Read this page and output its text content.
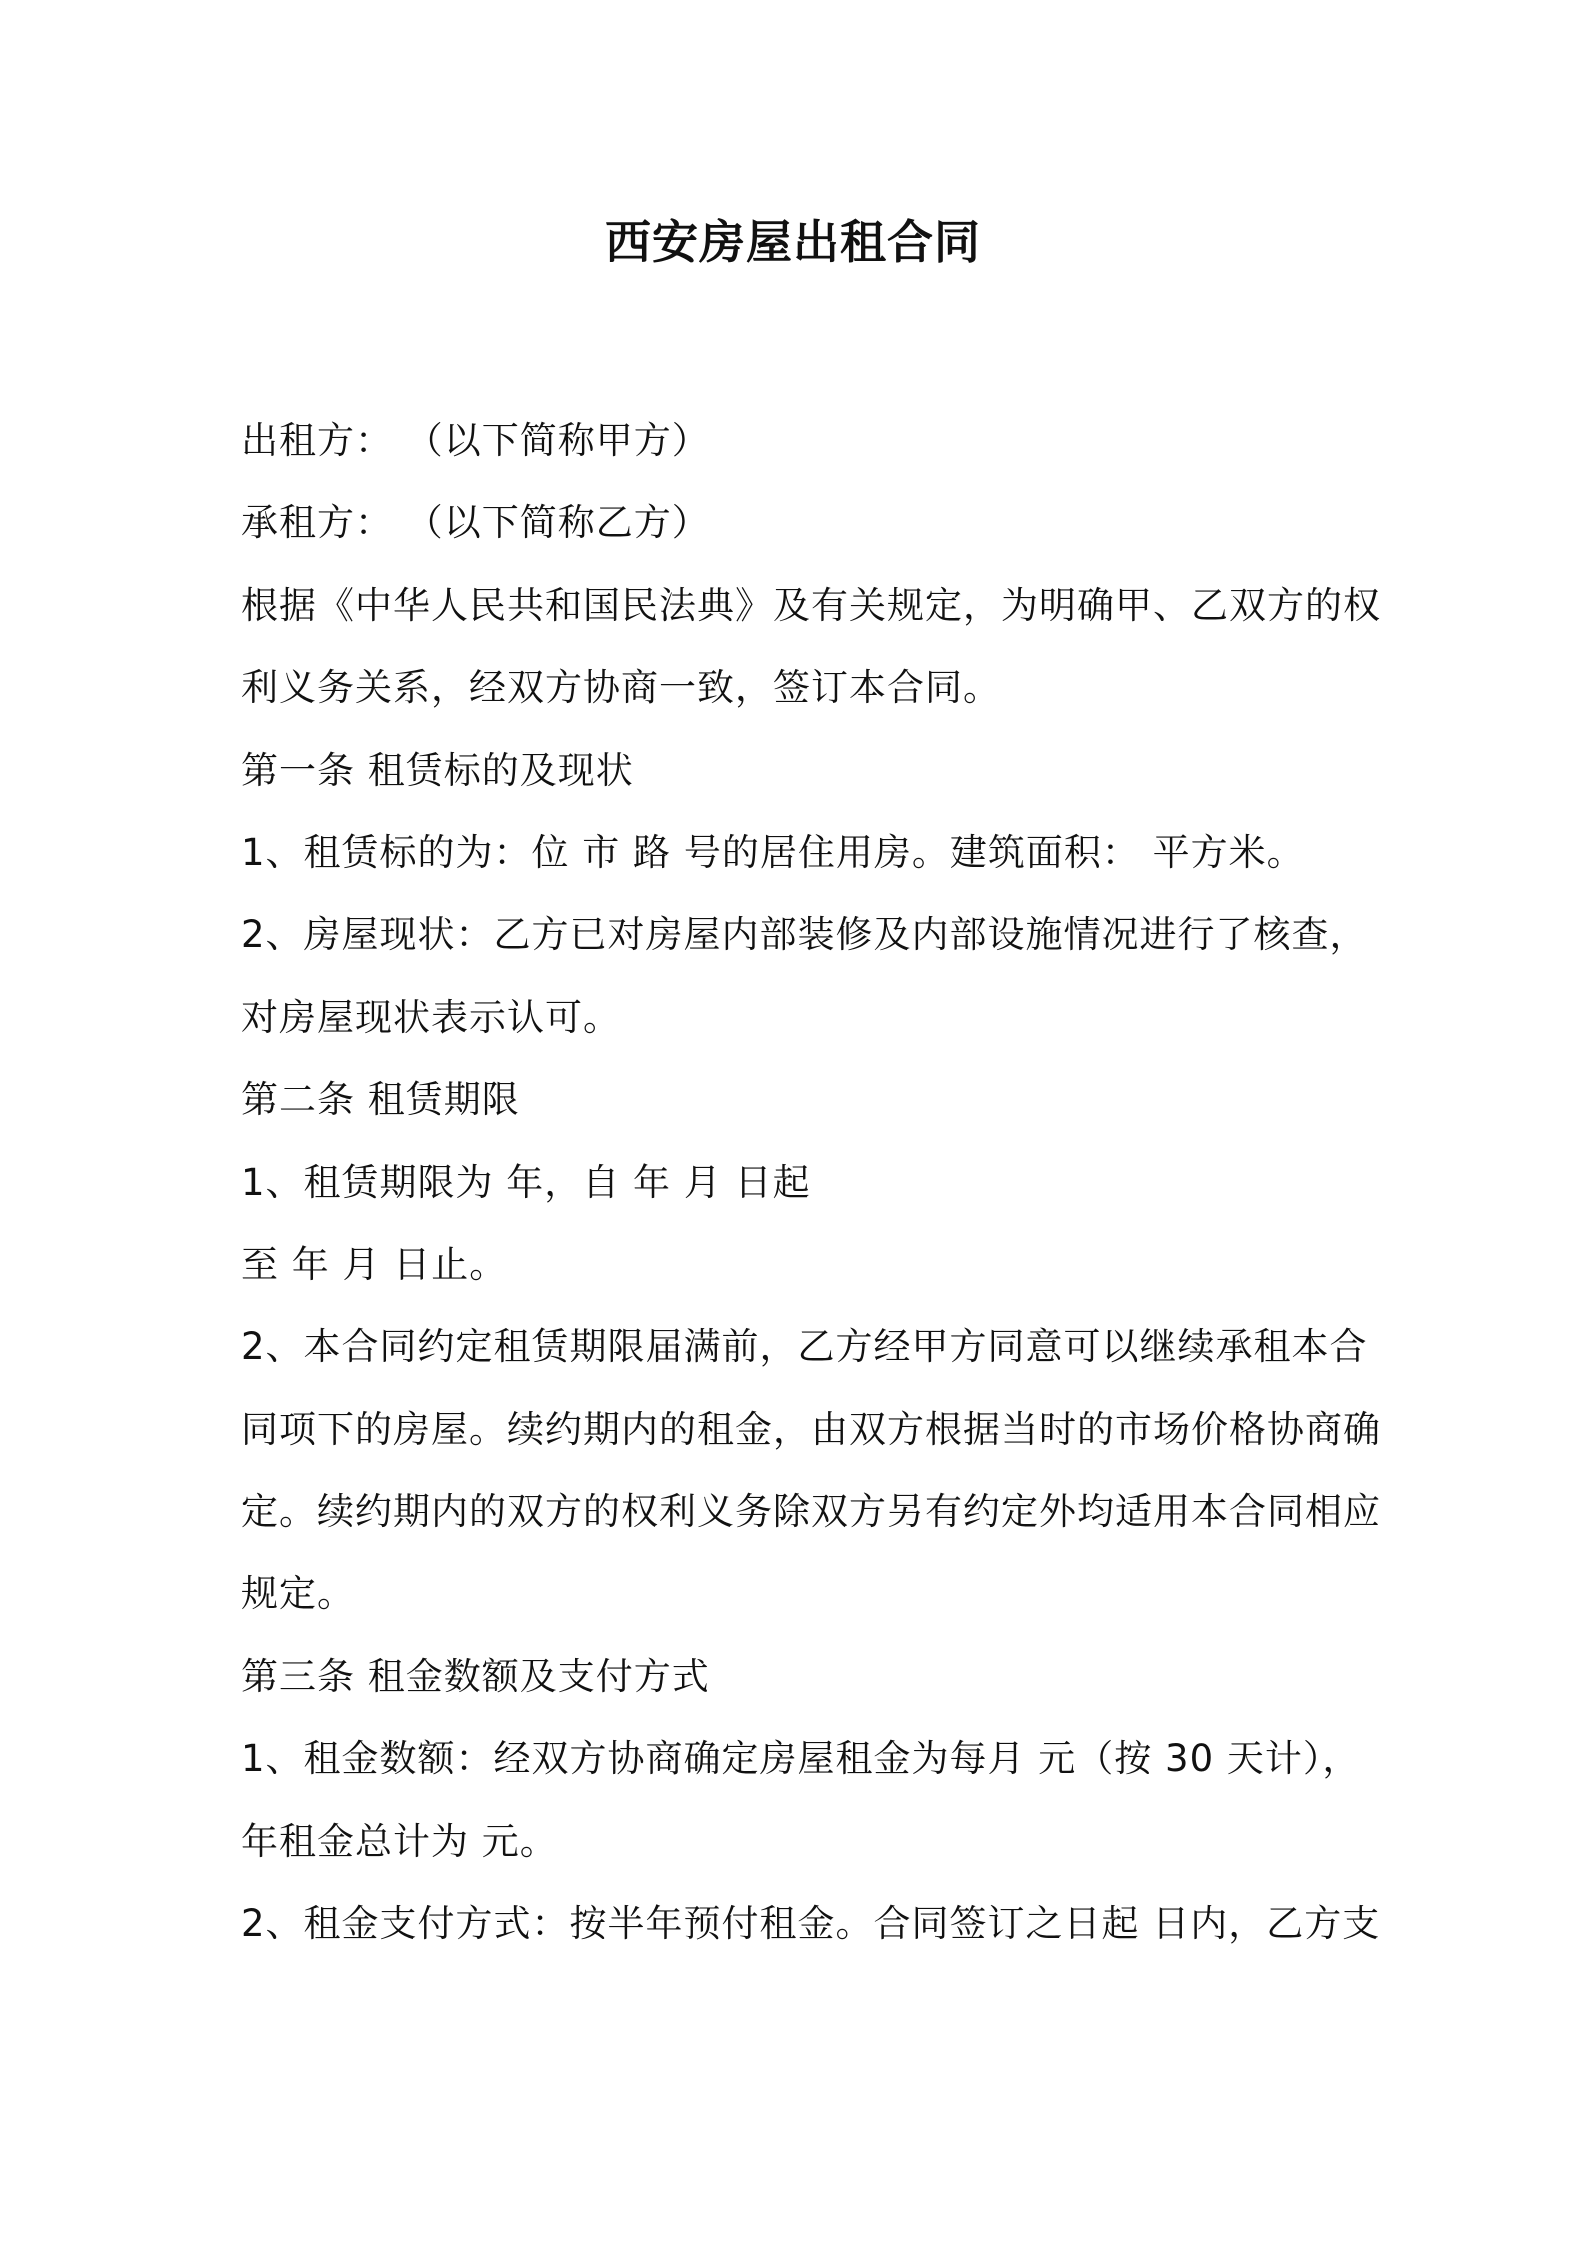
西安房屋出租合同

出租方： （以下简称甲方）

承租方： （以下简称乙方）

根据《中华人民共和国民法典》及有关规定，为明确甲、乙双方的权

利义务关系，经双方协商一致，签订本合同。

第一条 租赁标的及现状

1、租赁标的为：位 市 路 号的居住用房。建筑面积： 平方米。

2、房屋现状：乙方已对房屋内部装修及内部设施情况进行了核查，

对房屋现状表示认可。

第二条 租赁期限

1、租赁期限为 年，自 年 月 日起

至 年 月 日止。

2、本合同约定租赁期限届满前，乙方经甲方同意可以继续承租本合

同项下的房屋。续约期内的租金，由双方根据当时的市场价格协商确

定。续约期内的双方的权利义务除双方另有约定外均适用本合同相应

规定。

第三条 租金数额及支付方式

1、租金数额：经双方协商确定房屋租金为每月 元（按 30 天计），

年租金总计为 元。

2、租金支付方式：按半年预付租金。合同签订之日起 日内，乙方支
